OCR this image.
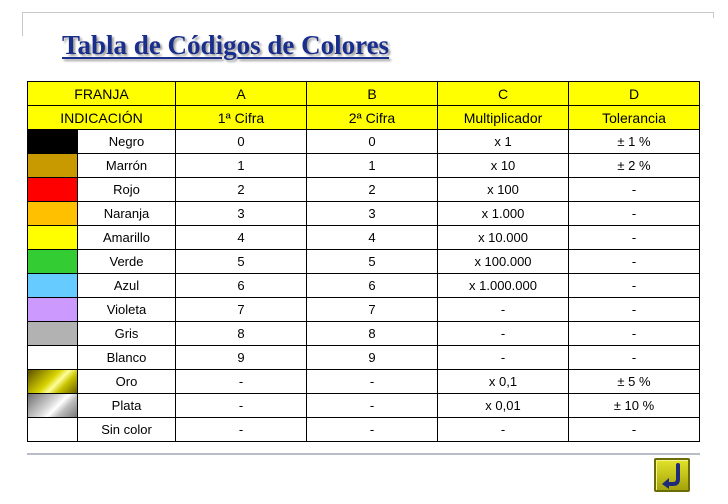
Tabla de Códigos de Colores
FRANJA		A	B	C	D
INDICACIÓN		1ª Cifra	2ª Cifra	Multiplicador	Tolerancia

	Negro	0	0	x 1	± 1 %

	Marrón	1	1	x 10	± 2 %

	Rojo	2	2	x 100	-

	Naranja	3	3	x 1.000	-

	Amarillo	4	4	x 10.000	-

	Verde	5	5	x 100.000	-

	Azul	6	6	x 1.000.000	-

	Violeta	7	7	-	-

	Gris	8	8	-	-

	Blanco	9	9	-	-

	Oro	-	-	x 0,1	± 5 %

	Plata	-	-	x 0,01	± 10 %

	Sin color	-	-	-	-
